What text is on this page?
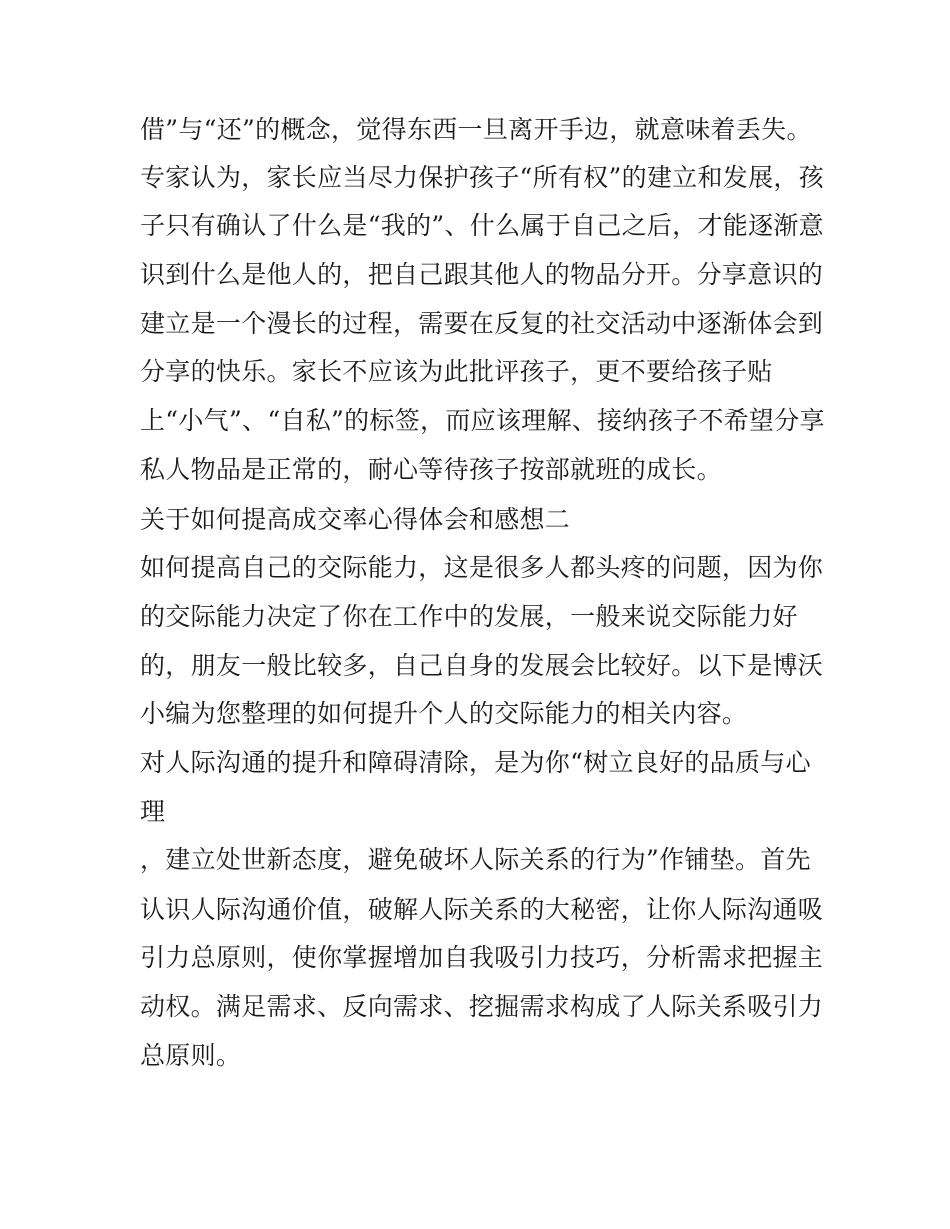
借”与“还”的概念，觉得东西一旦离开手边，就意味着丢失。
专家认为，家长应当尽力保护孩子“所有权”的建立和发展，孩
子只有确认了什么是“我的”、什么属于自己之后，才能逐渐意
识到什么是他人的，把自己跟其他人的物品分开。分享意识的
建立是一个漫长的过程，需要在反复的社交活动中逐渐体会到
分享的快乐。家长不应该为此批评孩子，更不要给孩子贴
上“小气”、“自私”的标签，而应该理解、接纳孩子不希望分享
私人物品是正常的，耐心等待孩子按部就班的成长。
关于如何提高成交率心得体会和感想二
如何提高自己的交际能力，这是很多人都头疼的问题，因为你
的交际能力决定了你在工作中的发展，一般来说交际能力好
的，朋友一般比较多，自己自身的发展会比较好。以下是博沃
小编为您整理的如何提升个人的交际能力的相关内容。
对人际沟通的提升和障碍清除，是为你“树立良好的品质与心
理
，建立处世新态度，避免破坏人际关系的行为”作铺垫。首先
认识人际沟通价值，破解人际关系的大秘密，让你人际沟通吸
引力总原则，使你掌握增加自我吸引力技巧，分析需求把握主
动权。满足需求、反向需求、挖掘需求构成了人际关系吸引力
总原则。
